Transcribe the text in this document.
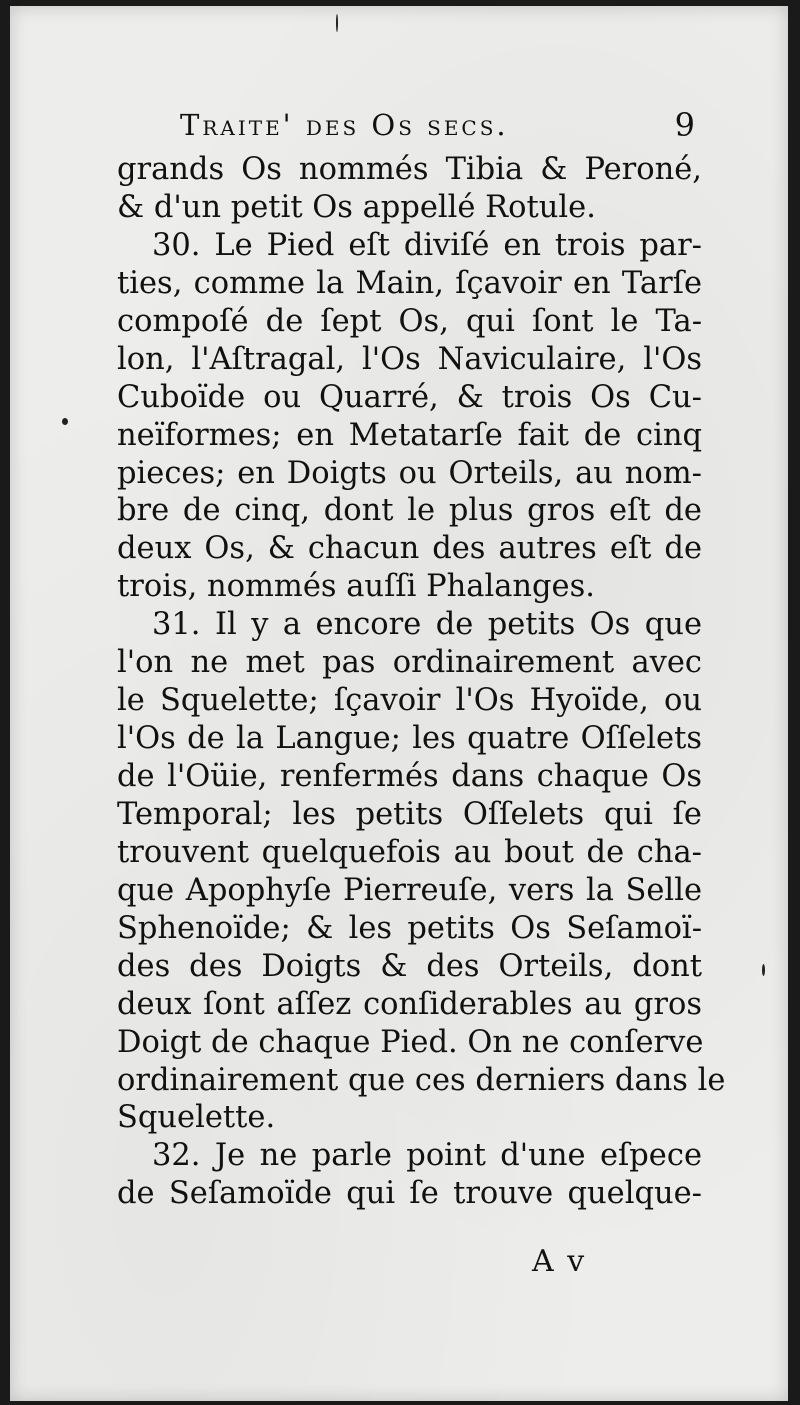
Traite' des Os secs.	9
grands Os nommés Tibia & Peroné,
& d'un petit Os appellé Rotule.
30. Le Pied eſt diviſé en trois par-
ties, comme la Main, ſçavoir en Tarſe
compoſé de ſept Os, qui ſont le Ta-
lon, l'Aſtragal, l'Os Naviculaire, l'Os
Cuboïde ou Quarré, & trois Os Cu-
neïformes; en Metatarſe fait de cinq
pieces; en Doigts ou Orteils, au nom-
bre de cinq, dont le plus gros eſt de
deux Os, & chacun des autres eſt de
trois, nommés auſſi Phalanges.
31. Il y a encore de petits Os que
l'on ne met pas ordinairement avec
le Squelette; ſçavoir l'Os Hyoïde, ou
l'Os de la Langue; les quatre Oſſelets
de l'Oüie, renfermés dans chaque Os
Temporal; les petits Oſſelets qui ſe
trouvent quelquefois au bout de cha-
que Apophyſe Pierreuſe, vers la Selle
Sphenoïde; & les petits Os Seſamoï-
des des Doigts & des Orteils, dont
deux ſont aſſez conſiderables au gros
Doigt de chaque Pied. On ne conſerve
ordinairement que ces derniers dans le
Squelette.
32. Je ne parle point d'une eſpece
de Seſamoïde qui ſe trouve quelque-
A v
